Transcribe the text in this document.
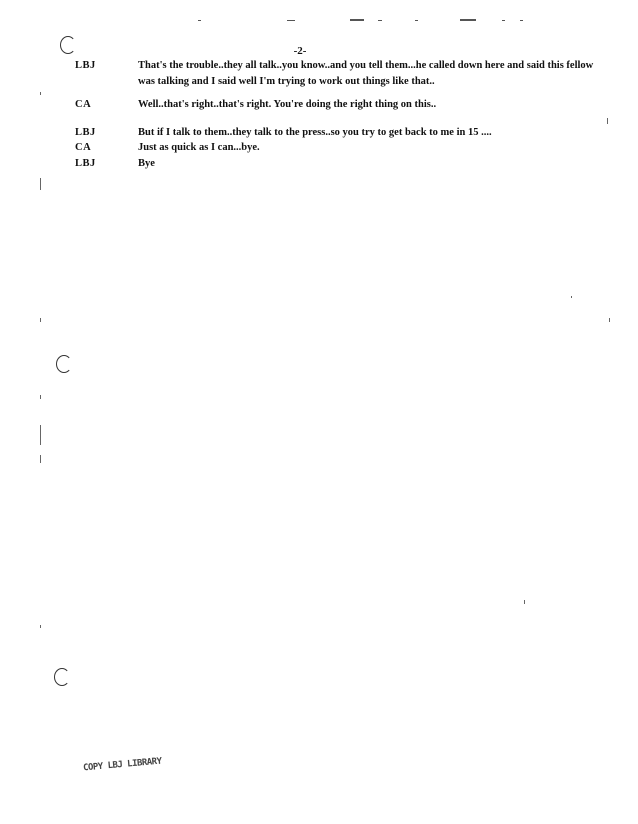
-2-
LBJ	That's the trouble..they all talk..you know..and you tell them...he called down here and said this fellow was talking and I said well I'm trying to work out things like that..
CA	Well..that's right..that's right. You're doing the right thing on this..
LBJ	But if I talk to them..they talk to the press..so you try to get back to me in 15 ....
CA	Just as quick as I can...bye.
LBJ	Bye
COPY LBJ LIBRARY
